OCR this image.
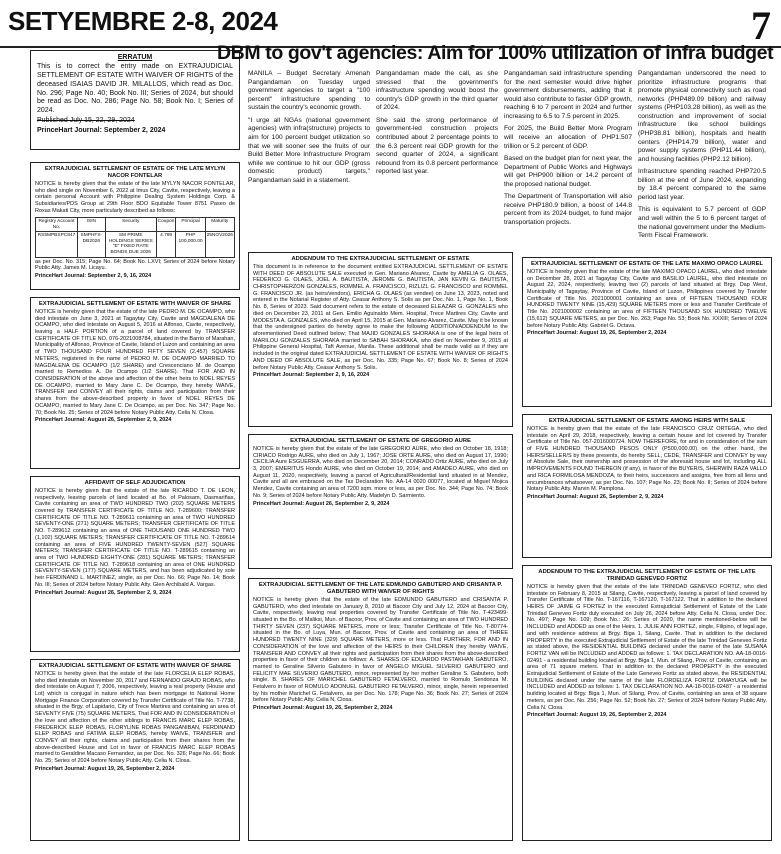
SETYEMBRE 2-8, 2024	7
ERRATUM

This is to correct the entry made on EXTRAJUDICIAL SETTLEMENT OF ESTATE WITH WAIVER OF RIGHTS of the deceased ISAIAS DAVID JR. MILALLOS, which read as Doc. No. 296; Page No. 40; Book No. III; Series of 2024, but should be read as Doc. No. 286; Page No. 58; Book No. I; Series of 2024.

Published July 15, 22, 29, 2024

PrinceHart Journal: September 2, 2024

EXTRAJUDICIAL SETTLEMENT OF ESTATE OF THE LATE MYLYN NACOR FONTELAR

NOTICE is hereby given that the estate of the late MYLYN NACOR FONTELAR, who died single on November 6, 2022 at Imus City, Cavite, respectively, leaving a certain personal Account with Philippine Dealing System Holdings Corp. & Subsidiaries/PDS Group at 29th Floor BDO Equitable Tower 8751 Paseo de Roxas Makati City, more particularly described as follows:

Registry Account No.	ISIN	Security	Coupon	Principal	Maturity
RS5MPBSPC847	SMPHFX-DB2026	SM PRIME HOLDINGS SERIES "E" FIXED RATE BONDS DUE 2026	4.799	PHP 100,000.00	25NOV2026

as per Doc. No. 315; Page No. 64; Book No. LXVI; Series of 2024 before Notary Public Atty. James M. Licayu.

PrinceHart Journal: September 2, 9, 16, 2024

EXTRAJUDICIAL SETTLEMENT OF ESTATE WITH WAIVER OF SHARE

NOTICE is hereby given that the estate of the late PEDRO M. DE OCAMPO, who died intestate on June 3, 2021 at Tagaytay City, Cavite and MAGDALENA DE OCAMPO, who died intestate on August 5, 2016 at Alfonso, Cavite, respectively, leaving a HALF PORTION of a parcel of land covered by TRANSFER CERTIFICATE OF TITLE NO. 076-2021008784, situated in the Barrio of Marahan, Municipality of Alfonso, Province of Cavite, Island of Luzon and containing an area of TWO THOUSAND FOUR HUNDRED FIFTY SEVEN (2,457) SQUARE METERS, registered in the name of PEDRO M. DE OCAMPO MARRIED TO MAGDALENA DE OCAMPO (1/2 SHARE) and Crescenciano M. de Ocampo married to Remedios A. De Ocampo (1/2 SHARE). That FOR AND IN CONSIDERATION of the above and affection of the other heirs to NOEL REYES DE OCAMPO, married to Mary Jane C. De Ocampo, they hereby WAIVE, TRANSFER and CONVEY all their rights, claims and participation from their shares from the above-described property in favor of NOEL REYES DE OCAMPO, married to Mary Jane C. De Ocampo, as per Doc. No. 347; Page No. 70; Book No. 25; Series of 2024 before Notary Public Atty. Celia N. Closa.

PrinceHart Journal: August 26, September 2, 9, 2024

AFFIDAVIT OF SELF ADJUDICATION

NOTICE is hereby given that the estate of the late RICARDO T. DE LEON, respectively, leaving parcels of land located at Bo. of Palosam, Dasmariñas, Cavite containing an area of TWO HUNDRED TWO (202) SQUARE METERS covered by TRANSFER CERTIFICATE OF TITLE NO. T-289600; TRANSFER CERTIFICATE OF TITLE NO. T-289611 containing an area of TWO HUNDRED SEVENTY-ONE (271) SQUARE METERS; TRANSFER CERTIFICATE OF TITLE NO. T-289612 containing an area of ONE THOUSAND ONE HUNDRED TWO (1,102) SQUARE METERS; TRANSFER CERTIFICATE OF TITLE NO. T-289614 containing an area of FIVE HUNDRED TWENTY-SEVEN (527) SQUARE METERS; TRANSFER CERTIFICATE OF TITLE NO. T-289615 containing an area of TWO HUNDRED EIGHTY-ONE (281) SQUARE METERS; TRANSFER CERTIFICATE OF TITLE NO. T-289618 containing an area of ONE HUNDRED SEVENTY-SEVEN (177) SQUARE METERS, and has been adjudicated by sole heir FERDINAND L. MARTINEZ, single, as per Doc. No. 66; Page No. 14; Book No. III; Series of 2024 before Notary Public Atty. Glen Archibald A. Vargas.

PrinceHart Journal: August 26, September 2, 9, 2024

EXTRAJUDICIAL SETTLEMENT OF ESTATE WITH WAIVER OF SHARE

NOTICE is hereby given that the estate of the late FLORCELIA ELEP ROBAS, who died intestate on November 30, 2017 and FERNANDO GRAJO ROBAS, who died intestate on August 7, 2006, respectively, leaving a real property (House and Lot) which is conjugal in nature which has been mortgage to National Home Mortgage Finance Corporation covered by Transfer Certificate of Title No. T-7738, situated in the Brgy. of Lapidario, City of Trece Martires and containing an area of SEVENTY FIVE (75) SQUARE METERS. That FOR AND IN CONSIDERATION of the love and affection of the other siblings to FRANCIS MARC ELEP ROBAS, FREDERICK ELEP ROBAS, FLORYLINE ROBAS PANGANIBAN, FERDINAND ELEP ROBAS and FATIMA ELEP ROBAS, hereby WAIVE, TRANSFER and CONVEY all their rights, claims and participation from their shares from the above-described House and Lot in favor of FRANCIS MARC ELEP ROBAS married to Geraldine Macaso Fernandez, as per Doc. No. 326; Page No. 66; Book No. 25; Series of 2024 before Notary Public Atty. Celia N. Closa.

PrinceHart Journal: August 19, 26, September 2, 2024

DBM to gov't agencies: Aim for 100% utilization of infra budget

MANILA – Budget Secretary Amenah Pangandaman on Tuesday urged government agencies to target a "100 percent" infrastructure spending to sustain the country's economic growth.

"I urge all NGAs (national government agencies) with infra(structure) projects to aim for 100 percent budget utilization so that we will sooner see the fruits of our Build Better More Infrastructure Program while we continue to hit our GDP (gross domestic product) targets," Pangandaman said in a statement.

Pangandaman made the call, as she stressed that the government's infrastructure spending would boost the country's GDP growth in the third quarter of 2024.

She said the strong performance of government-led construction projects contributed about 2 percentage points to the 6.3 percent real GDP growth for the second quarter of 2024, a significant rebound from its 0.8 percent performance reported last year.

Pangandaman said infrastructure spending for the next semester would drive higher government disbursements, adding that it would also contribute to faster GDP growth, reaching 6 to 7 percent in 2024 and further increasing to 6.5 to 7.5 percent in 2025.

For 2025, the Build Better More Program will receive an allocation of PHP1.507 trillion or 5.2 percent of GDP.

Based on the budget plan for next year, the Department of Public Works and Highways will get PHP900 billion or 14.2 percent of the proposed national budget.

The Department of Transportation will also receive PHP180.9 billion, a boost of 144.8 percent from its 2024 budget, to fund major transportation projects.

Pangandaman underscored the need to prioritize infrastructure programs that promote physical connectivity such as road networks (PHP489.09 billion) and railway systems (PHP103.28 billion), as well as the construction and improvement of social infrastructure like school buildings (PHP38.81 billion), hospitals and health centers (PHP14.79 billion), water and power supply systems (PHP11.44 billion), and housing facilities (PHP2.12 billion).

Infrastructure spending reached PHP720.5 billion at the end of June 2024, expanding by 18.4 percent compared to the same period last year.

This is equivalent to 5.7 percent of GDP and well within the 5 to 6 percent target of the national government under the Medium-Term Fiscal Framework.

ADDENDUM TO THE EXTRAJUDICIAL SETTLEMENT OF ESTATE

This document is in reference to the document entitled EXTRAJUDICIAL SETTLEMENT OF ESTATE WITH DEED OF ABSOLUTE SALE executed in Gen. Mariano Alvarez, Cavite by AMELIA G. OLAES, FEDERICO G. OLAES, JOEL A. BAUTISTA, JEROME G. BAUTISTA, JAN KEVIN G. BAUTISTA, CHRISTOPHERZON GONZALES, ROMMEL A. FRANCISCO, RIZLIZL G. FRANCISCO and ROMMEL G. FRANCISCO JR. (as heirs/vendors), ERICHA G. OLAES (as vendee) on June 13, 2023, noted and entered in the Notarial Register of Atty. Ceasar Anthony S. Solis as per Doc. No. 1, Page No. 1, Book No. 8, Series of 2023. Said document refers to the estate of deceased ELEAZAR G. GONZALES who died on December 23, 2011 at Gen. Emilio Aguinaldo Mem. Hospital, Trece Martires City, Cavite and MODESTA A. GONZALES, who died on April 15, 2015 at Gen. Mariano Alvarez, Cavite. May it be known that the undersigned parties do hereby agree to make the following ADDITION/ADDENDUM to the aforementioned Deed outlined below; That MAJID GONZALES SHORAKA is one of the legal heirs of MARILOU GONZALES SHORAKA married to SABAH SHORAKA, who died on November 9, 2015 at Philippine General Hospital, Taft Avenue, Manila. These additional shall be made valid as if they are included in the original dated EXTRAJUDICIAL SETTLEMENT OF ESTATE WITH WAIVER OF RIGHTS AND DEED OF ABSOLUTE SALE, as per Doc. No. 335; Page No. 67; Book No. 8; Series of 2024 before Notary Public Atty. Ceasar Anthony S. Solis.

PrinceHart Journal: September 2, 9, 16, 2024

EXTRAJUDICIAL SETTLEMENT OF ESTATE OF GREGORIO AURE

NOTICE is hereby given that the estate of the late GREGORIO AURE, who died on October 18, 1918; CIRIACO Rodrigo AURE, who died on July 1, 1967; JOSE ORTE AURE, who died on August 17, 1990; CECILIA Aure ESGUERRA, who died on December 20, 2014; CONRADO Ortiz AURE, who died on July 3, 2007; EMERITUS Hondo AURE, who died on October 19, 2014; and AMADEO AURE, who died on August 11, 2020, respectively, leaving a parcel of Agricultural/Residential land situated in at Mendez, Cavite and all are embraced on the Tax Declaration No. AA-14 0020 00077, located at Miguel Mojica Mendez, Cavite containing an area of 7200 sqm. more or less, as per Doc. No. 344; Page No. 74; Book No. 9; Series of 2024 before Notary Public Atty. Madelyn D. Sarmiento.

PrinceHart Journal: August 26, September 2, 9, 2024

EXTRAJUDICIAL SETTLEMENT OF THE LATE EDMUNDO GABUTERO AND CRISANTA P. GABUTERO WITH WAIVER OF RIGHTS

NOTICE is hereby given that the estate of the late EDMUNDO GABUTERO and CRISANTA P. GABUTERO, who died intestate on January 8, 2010 at Bacoor City and July 12, 2024 at Bacoor City, Cavite, respectively, leaving real properties covered by Transfer Certificate of Title No. T-423499- situated in the Bo. of Maliksi, Mun. of Bacoor, Prov. of Cavite and containing an area of TWO HUNDRED THIRTY SEVEN (237) SQUARE METERS, more or less; Transfer Certificate of Title No. T-80774- situated in the Bo. of Luya, Mun. of Bacoor, Prov. of Cavite and containing an area of THREE HUNDRED TWENTY NINE (329) SQUARE METERS, more or less. That FURTHER, FOR AND IN CONSIDERATION of the love and affection of the HEIRS to their CHILDREN they hereby WAIVE, TRANSFER AND CONVEY all their rights and participation from their shares from the above-described properties in favor of their children as follows: A. SHARES OF EDUARDO PASTAKHAN GABUTERO, married to Geraline Silverio Gabutero in favor of ANGELO MIGUEL SILVERIO GABUTERO and FELICITY MAE SILVERIO GABUTERO, minor, represented by her mother Geraline S. Gabutero, both single. B. SHARES OF MARICHEL GABUTERO FETALVERO, married to Romulo Sendonza M. Fetalvero in favor of ROMULO ADONUEL GABUTERO FETALVERO, minor, single, herein represented by his mother Marichel G. Fetalvero, as per Doc. No. 178; Page No. 36; Book No. 27; Series of 2024 before Notary Public Atty. Celia N. Closa.

PrinceHart Journal: August 19, 26, September 2, 2024

EXTRAJUDICIAL SETTLEMENT OF ESTATE OF THE LATE MAXIMO OPACO LAUREL

NOTICE is hereby given that the estate of the late MAXIMO OPACO LAUREL, who died intestate on December 28, 2021 at Tagaytay City, Cavite and BASILIO LAUREL, who died intestate on August 22, 2024, respectively, leaving two (2) parcels of land situated at Brgy. Dap West, Municipality of Tagaytay, Province of Cavite, Island of Luzon, Philippines covered by Transfer Certificate of Title No. 2021000001 containing an area of FIFTEEN THOUSAND FOUR HUNDRED TWENTY NINE (15,429) SQUARE METERS more or less and Transfer Certificate of Title No. 2021000002 containing an area of FIFTEEN THOUSAND SIX HUNDRED TWELVE (15,612) SQUARE METERS, as per Doc. No. 263; Page No. 53; Book No. XXXIII; Series of 2024 before Notary Public Atty. Gabriel G. Octava.

PrinceHart Journal: August 19, 26, September 2, 2024

EXTRAJUDICIAL SETTLEMENT OF ESTATE AMONG HEIRS WITH SALE

NOTICE is hereby given that the estate of the late FRANCISCO CRUZ ORTEGA, who died intestate on April 29, 2018, respectively, leaving a certain house and lot covered by Transfer Certificate of Title No. 057-2016000724. NOW THEREFORE, for and in consideration of the sum of FIVE HUNDRED THOUSAND PESOS ONLY (P500,000.00) on the other hand, the HEIRS/SELLER/S by these presents, do hereby SELL, CEDE, TRANSFER and CONVEY by way of Absolute Sale, their ownership and possession of the aforesaid house and lot, including ALL IMPROVEMENTS FOUND THEREON (if any), in favor of the BUYER/S, SHERWIN RAZA VALLO and RICA FORMILOSA MENDOZA, to their heirs, successors and assigns, free from all liens and encumbrances whatsoever, as per Doc. No. 107; Page No. 23; Book No. II; Series of 2024 before Notary Public Atty. Marvin M. Pamplona.

PrinceHart Journal: August 26, September 2, 9, 2024

ADDENDUM TO THE EXTRAJUDICIAL SETTLEMENT OF ESTATE OF THE LATE TRINIDAD GENEVEO FORTIZ

NOTICE is hereby given that the estate of the late TRINIDAD GENEVEO FORTIZ, who died intestate on February 8, 2015 at Silang, Cavite, respectively, leaving a parcel of land covered by Transfer Certificate of Title No. T-167116, T-167120, T-167122. That in addition to the declared HEIRS OF JAIME G FORTEZ in the executed Extrajudicial Settlement of Estate of the Late Trinidad Geneveo Fortiz duly executed on July 26, 2024 before Atty. Celia N. Closa, under Doc. No. 497; Page No. 109; Book No.: 26; Series of 2020, the name mentioned-below will be INCLUDED and ADDED as one of the Heirs. 1. JULIE ANN FORTEZ, single, Filipino, of legal age, and with residence address at Brgy. Biga 1, Silang, Cavite. That in addition to the declared PROPERTY in the executed Extrajudicial Settlement of Estate of the late Trinidad Geneveo Fortiz as stated above, the RESIDENTIAL BUILDING declared under the name of the late SUSANA FORTIZ VAN will be INCLUDED and ADDED as follows: 1. TAX DECLARATION NO. AA-18-0016-02491 - a residential building located at Brgy. Biga 1, Mun. of Silang, Prov. of Cavite, containing an area of 71 square meters. That in addition to the declared PROPERTY in the executed Extrajudicial Settlement of Estate of the Late Geneveo Fortiz as stated above, the RESIDENTIAL BUILDING declared under the name of the late FLORDELIZA FORTIZ DIMAYUGA will be INCLUDED and ADDED as follows: 1. TAX DECLARATION NO. AA-18-0016-02487 - a residential building located at Brgy. Biga 1, Mun. of Silang, Prov. of Cavite, containing an area of 38 square meters, as per Doc. No. 256; Page No. 52; Book No. 27; Series of 2024 before Notary Public Atty. Celia N. Closa.

PrinceHart Journal: August 19, 26, September 2, 2024
